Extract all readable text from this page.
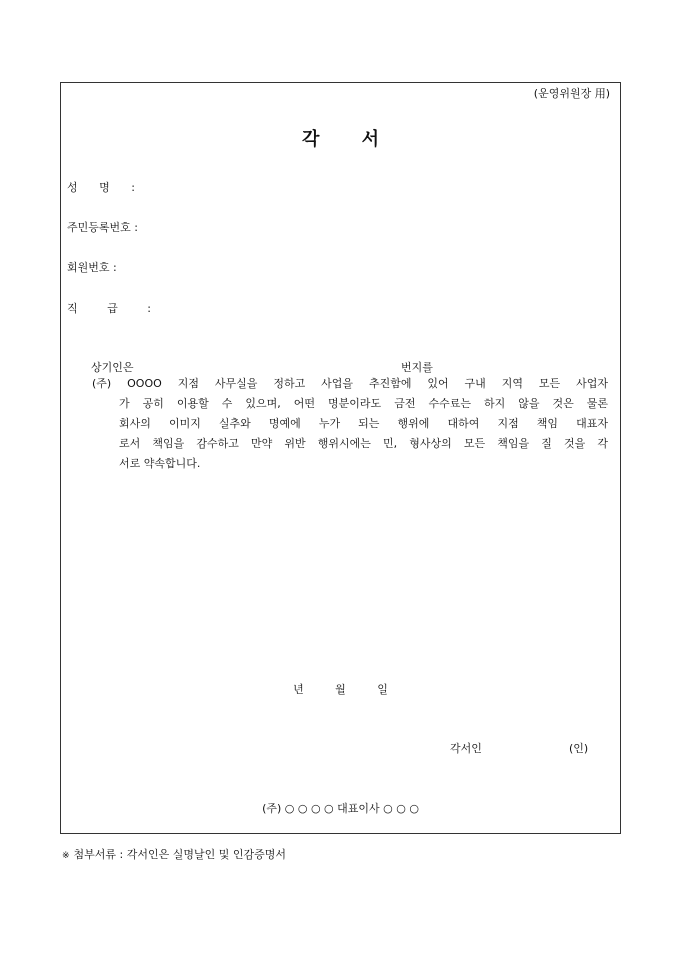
(운영위원장 用)
각 서
성 명 :
주민등록번호 :
회원번호 :
직 급	:
상기인은	번지를
(주) OOOO 지점 사무실을 정하고 사업을 추진함에 있어 구내 지역 모든 사업자
가 공히 이용할 수 있으며, 어떤 명분이라도 금전 수수료는 하지 않을 것은 물론
회사의 이미지 실추와 명예에 누가 되는 행위에 대하여 지점 책임 대표자
로서 책임을 감수하고 만약 위반 행위시에는 민, 형사상의 모든 책임을 질 것을 각
서로 약속합니다.
년 월 일
각서인	(인)
(주) ○ ○ ○ ○ 대표이사 ○ ○ ○
※ 첨부서류 : 각서인은 실명날인 및 인감증명서
